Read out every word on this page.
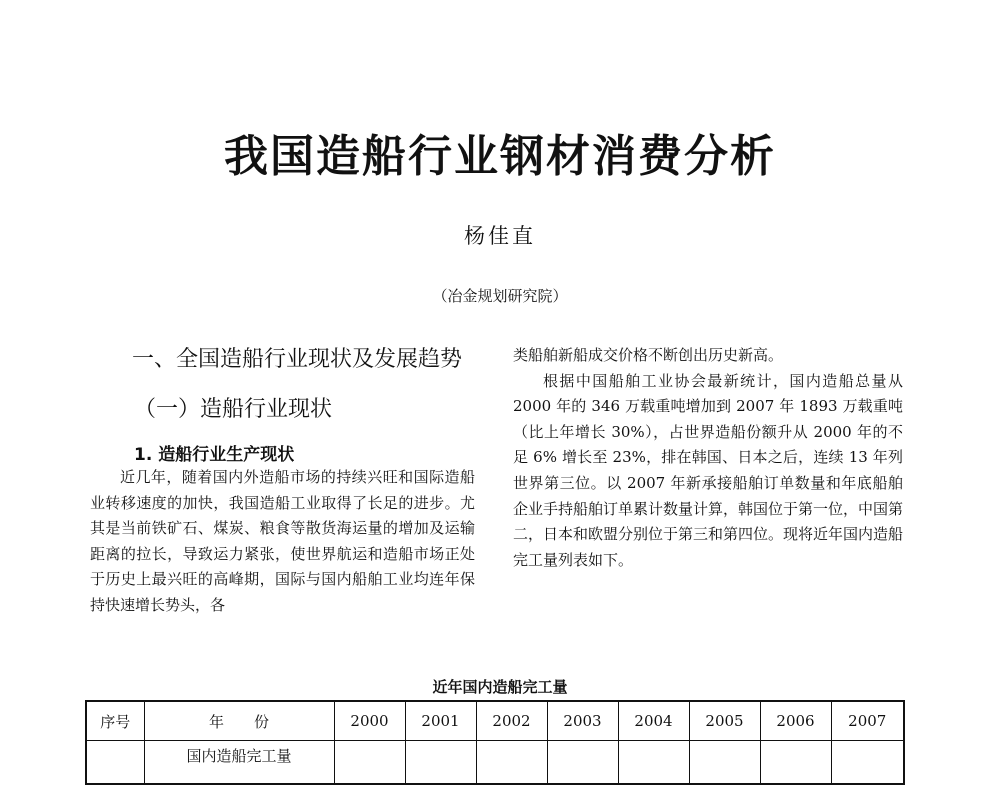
我国造船行业钢材消费分析
杨佳直
（冶金规划研究院）
一、全国造船行业现状及发展趋势
（一）造船行业现状
1. 造船行业生产现状

近几年，随着国内外造船市场的持续兴旺和国际造船业转移速度的加快，我国造船工业取得了长足的进步。尤其是当前铁矿石、煤炭、粮食等散货海运量的增加及运输距离的拉长，导致运力紧张，使世界航运和造船市场正处于历史上最兴旺的高峰期，国际与国内船舶工业均连年保持快速增长势头，各

类船舶新船成交价格不断创出历史新高。

根据中国船舶工业协会最新统计，国内造船总量从 2000 年的 346 万载重吨增加到 2007 年 1893 万载重吨（比上年增长 30%），占世界造船份额升从 2000 年的不足 6% 增长至 23%，排在韩国、日本之后，连续 13 年列世界第三位。以 2007 年新承接船舶订单数量和年底船舶企业手持船舶订单累计数量计算，韩国位于第一位，中国第二，日本和欧盟分别位于第三和第四位。现将近年国内造船完工量列表如下。

近年国内造船完工量
序号	年　　份	2000	2001	2002	2003	2004	2005	2006	2007
	国内造船完工量								
